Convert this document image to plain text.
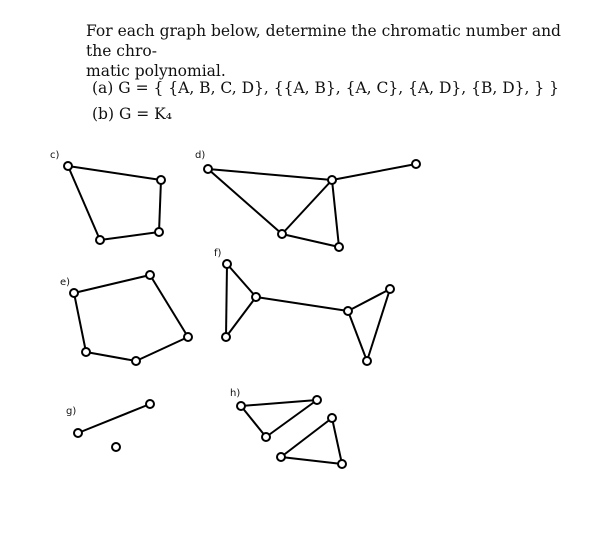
For each graph below, determine the chromatic number and the chro-
matic polynomial.
(a) G = { {A, B, C, D}, {{A, B}, {A, C}, {A, D}, {B, D}, } }
(b) G = K₄
c)	d)
e)
f)
g)
h)
